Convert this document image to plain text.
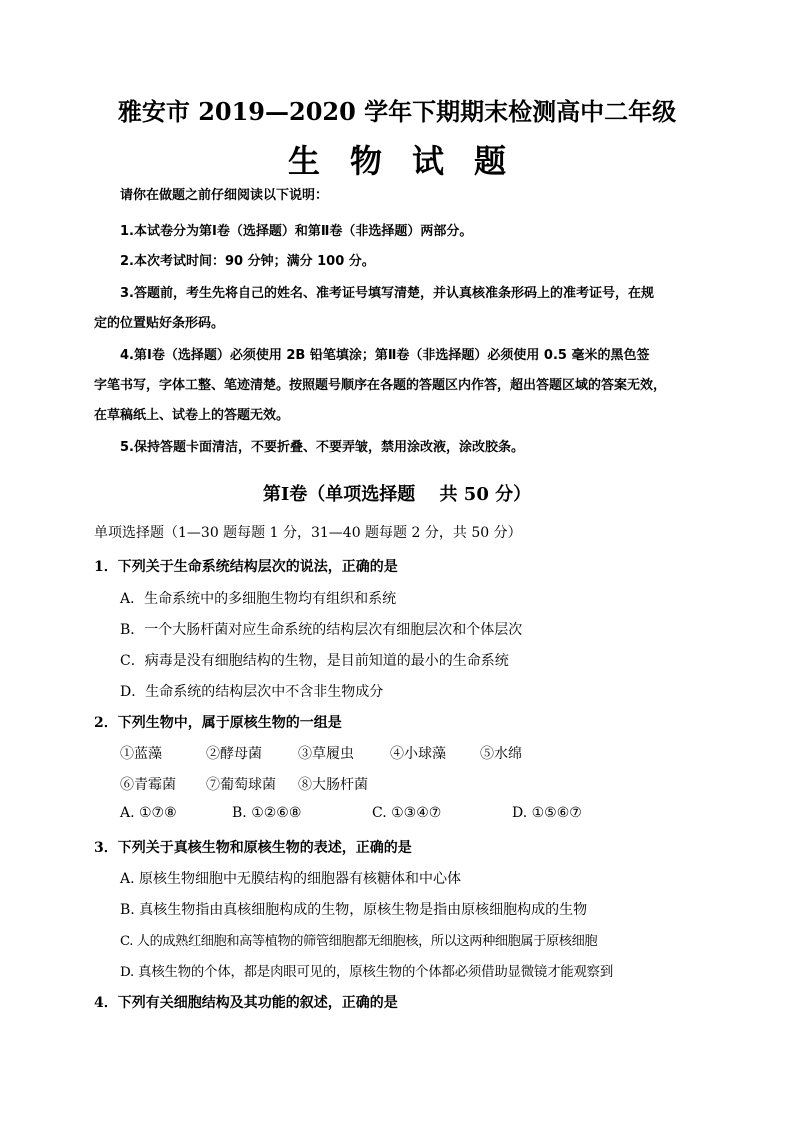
雅安市 2019—2020 学年下期期末检测高中二年级
生物试题
请你在做题之前仔细阅读以下说明：
1.本试卷分为第Ⅰ卷（选择题）和第Ⅱ卷（非选择题）两部分。
2.本次考试时间：90 分钟；满分 100 分。
3.答题前，考生先将自己的姓名、准考证号填写清楚，并认真核准条形码上的准考证号，在规
定的位置贴好条形码。
4.第Ⅰ卷（选择题）必须使用 2B 铅笔填涂；第Ⅱ卷（非选择题）必须使用 0.5 毫米的黑色签
字笔书写，字体工整、笔迹清楚。按照题号顺序在各题的答题区内作答，超出答题区域的答案无效，
在草稿纸上、试卷上的答题无效。
5.保持答题卡面清洁，不要折叠、不要弄皱，禁用涂改液，涂改胶条。
第Ⅰ卷（单项选择题　 共 50 分）
单项选择题（1—30 题每题 1 分，31—40 题每题 2 分，共 50 分）
1．下列关于生命系统结构层次的说法，正确的是
A．生命系统中的多细胞生物均有组织和系统
B．一个大肠杆菌对应生命系统的结构层次有细胞层次和个体层次
C．病毒是没有细胞结构的生物，是目前知道的最小的生命系统
D．生命系统的结构层次中不含非生物成分
2．下列生物中，属于原核生物的一组是
①蓝藻	②酵母菌	③草履虫	④小球藻 ⑤水绵
⑥青霉菌 ⑦葡萄球菌 ⑧大肠杆菌
A. ①⑦⑧	B. ①②⑥⑧	C. ①③④⑦	D. ①⑤⑥⑦
3．下列关于真核生物和原核生物的表述，正确的是
A. 原核生物细胞中无膜结构的细胞器有核糖体和中心体
B. 真核生物指由真核细胞构成的生物，原核生物是指由原核细胞构成的生物
C. 人的成熟红细胞和高等植物的筛管细胞都无细胞核，所以这两种细胞属于原核细胞
D. 真核生物的个体，都是肉眼可见的，原核生物的个体都必须借助显微镜才能观察到
4．下列有关细胞结构及其功能的叙述，正确的是
